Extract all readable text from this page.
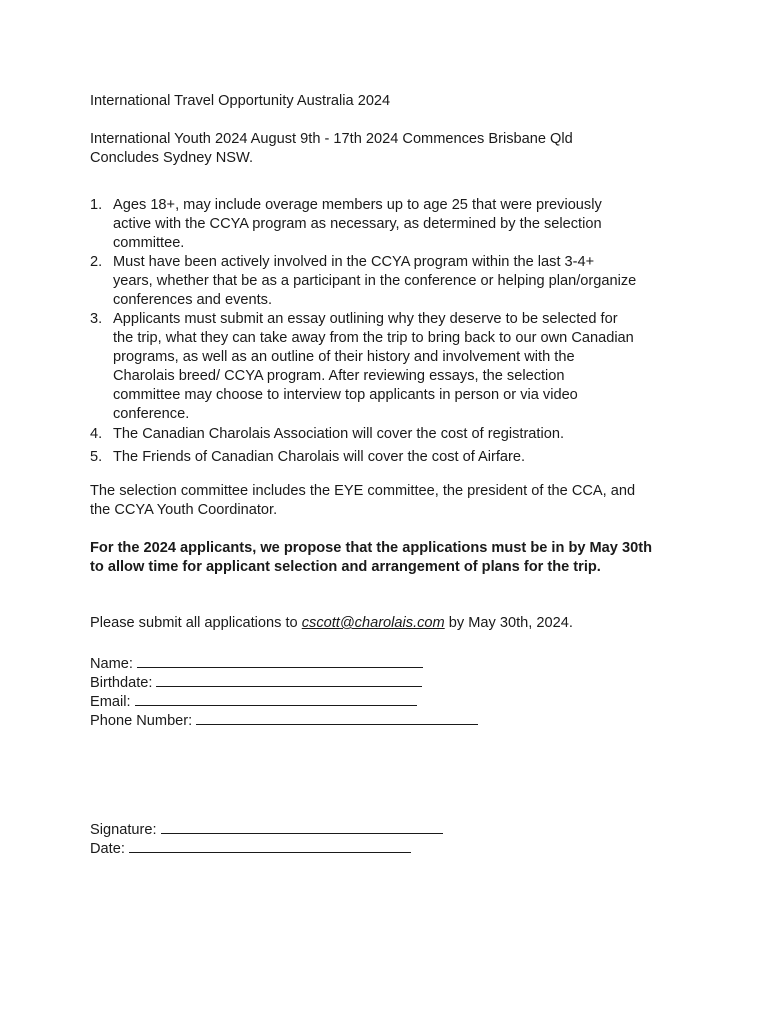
International Travel Opportunity Australia 2024
International Youth 2024 August 9th - 17th 2024 Commences Brisbane Qld
Concludes Sydney NSW.
1. Ages 18+, may include overage members up to age 25 that were previously
active with the CCYA program as necessary, as determined by the selection
committee.
2. Must have been actively involved in the CCYA program within the last 3-4+
years, whether that be as a participant in the conference or helping plan/organize
conferences and events.
3. Applicants must submit an essay outlining why they deserve to be selected for
the trip, what they can take away from the trip to bring back to our own Canadian
programs, as well as an outline of their history and involvement with the
Charolais breed/ CCYA program. After reviewing essays, the selection
committee may choose to interview top applicants in person or via video
conference.
4. The Canadian Charolais Association will cover the cost of registration.
5. The Friends of Canadian Charolais will cover the cost of Airfare.
The selection committee includes the EYE committee, the president of the CCA, and
the CCYA Youth Coordinator.
For the 2024 applicants, we propose that the applications must be in by May 30th
to allow time for applicant selection and arrangement of plans for the trip.
Please submit all applications to cscott@charolais.com by May 30th, 2024.
Name:
Birthdate:
Email:
Phone Number:
Signature:
Date:
